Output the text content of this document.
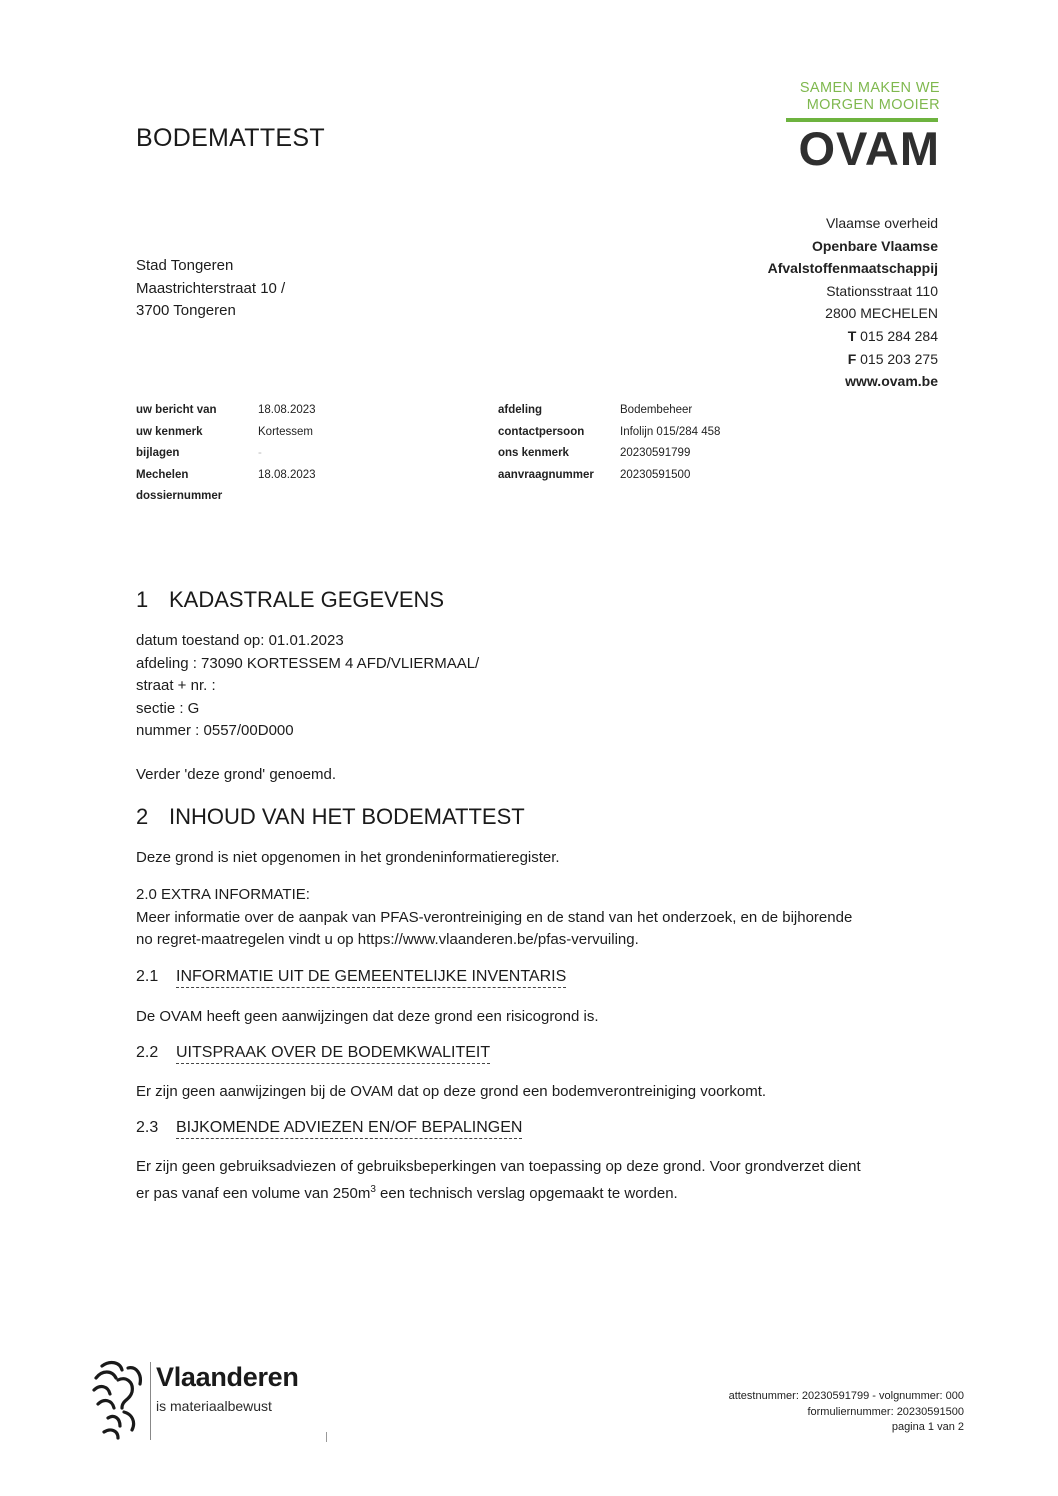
BODEMATTEST
SAMEN MAKEN WE
MORGEN MOOIER
OVAM
Vlaamse overheid
Openbare Vlaamse
Afvalstoffenmaatschappij
Stationsstraat 110
2800 MECHELEN
T 015 284 284
F 015 203 275
www.ovam.be
Stad Tongeren
Maastrichterstraat 10 /
3700 Tongeren
uw bericht van
uw kenmerk
bijlagen
Mechelen
dossiernummer
18.08.2023
Kortessem
-
18.08.2023

afdeling
contactpersoon
ons kenmerk
aanvraagnummer
Bodembeheer
Infolijn 015/284 458
20230591799
20230591500
1 KADASTRALE GEGEVENS
datum toestand op: 01.01.2023
afdeling : 73090 KORTESSEM 4 AFD/VLIERMAAL/
straat + nr. :
sectie : G
nummer : 0557/00D000
Verder 'deze grond' genoemd.
2 INHOUD VAN HET BODEMATTEST
Deze grond is niet opgenomen in het grondeninformatieregister.
2.0 EXTRA INFORMATIE:
Meer informatie over de aanpak van PFAS-verontreiniging en de stand van het onderzoek, en de bijhorende
no regret-maatregelen vindt u op https://www.vlaanderen.be/pfas-vervuiling.
2.1 INFORMATIE UIT DE GEMEENTELIJKE INVENTARIS
De OVAM heeft geen aanwijzingen dat deze grond een risicogrond is.
2.2 UITSPRAAK OVER DE BODEMKWALITEIT
Er zijn geen aanwijzingen bij de OVAM dat op deze grond een bodemverontreiniging voorkomt.
2.3 BIJKOMENDE ADVIEZEN EN/OF BEPALINGEN
Er zijn geen gebruiksadviezen of gebruiksbeperkingen van toepassing op deze grond. Voor grondverzet dient
er pas vanaf een volume van $250m^3$ een technisch verslag opgemaakt te worden.
Vlaanderen
is materiaalbewust
attestnummer: 20230591799 - volgnummer: 000
formuliernummer: 20230591500
pagina 1 van 2
